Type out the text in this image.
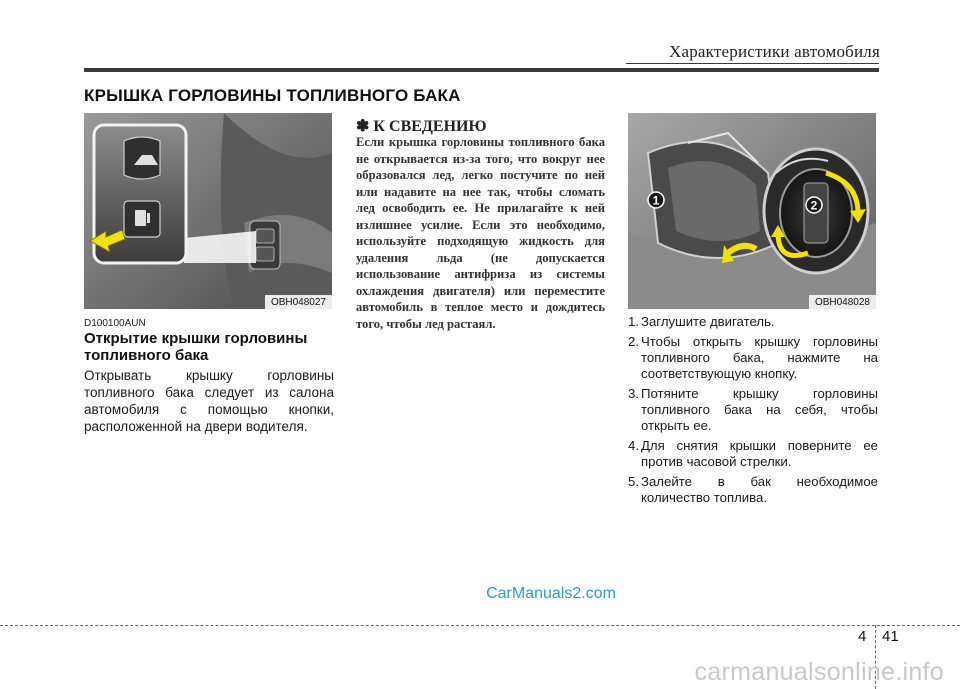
Характеристики автомобиля
КРЫШКА ГОРЛОВИНЫ ТОПЛИВНОГО БАКА
OBH048027
D100100AUN
Открытие крышки горловины топливного бака
Открывать крышку горловины топливного бака следует из салона автомобиля с помощью кнопки, расположенной на двери водителя.
✽ К СВЕДЕНИЮ
Если крышка горловины топливного бака не открывается из-за того, что вокруг нее образовался лед, легко постучите по ней или надавите на нее так, чтобы сломать лед освободить ее. Не прилагайте к ней излишнее усилие. Если это необходимо, используйте подходящую жидкость для удаления льда (не допускается использование антифриза из системы охлаждения двигателя) или переместите автомобиль в теплое место и дождитесь того, чтобы лед растаял.
1	2
OBH048028
1. Заглушите двигатель.
2. Чтобы открыть крышку горловины топливного бака, нажмите на соответствующую кнопку.
3. Потяните крышку горловины топливного бака на себя, чтобы открыть ее.
4. Для снятия крышки поверните ее против часовой стрелки.
5. Залейте в бак необходимое количество топлива.
CarManuals2.com
4 41
carmanualsonline.info
